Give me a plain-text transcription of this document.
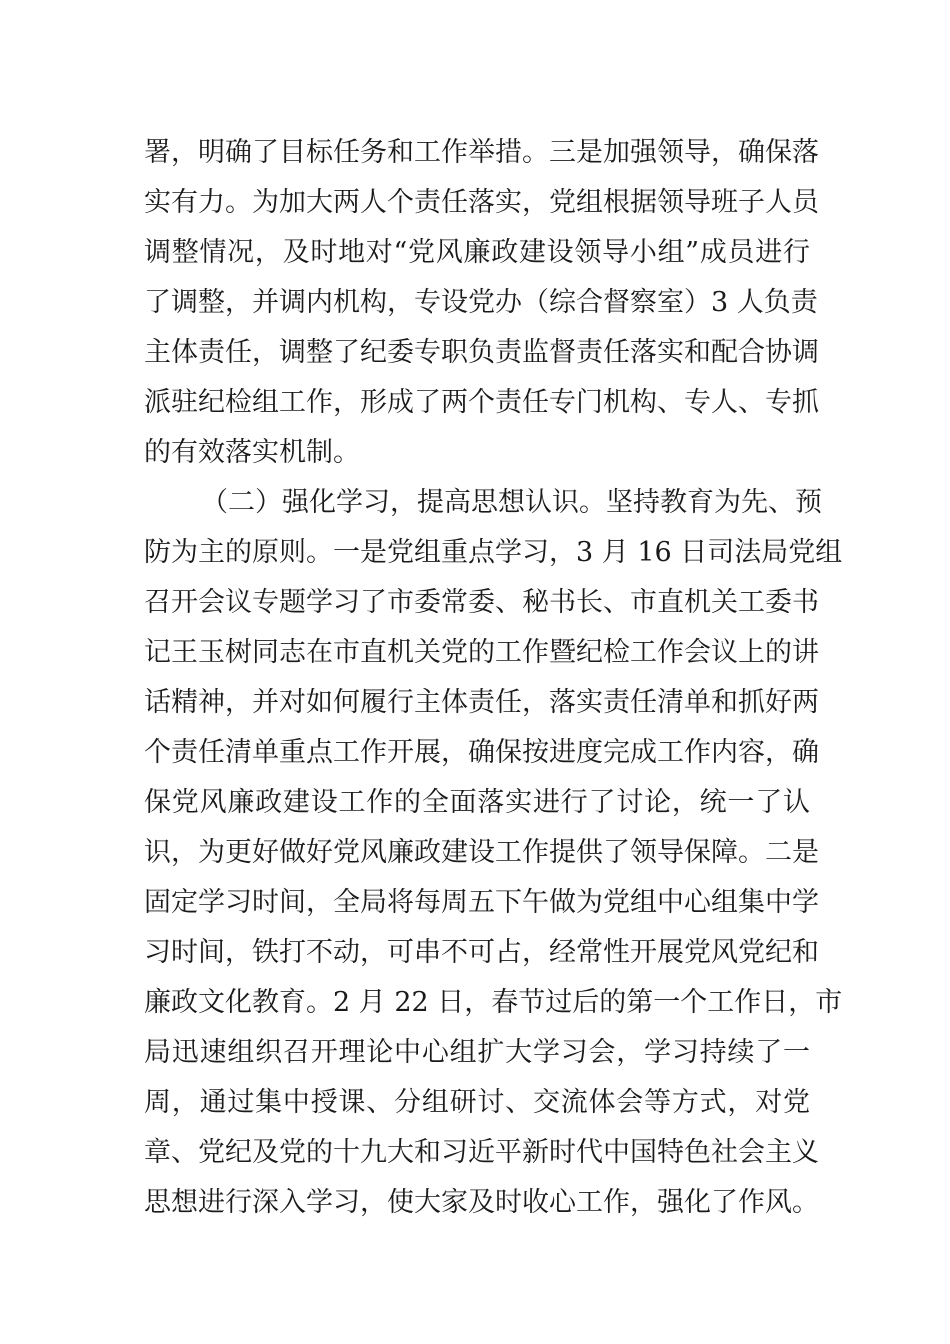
署，明确了目标任务和工作举措。三是加强领导，确保落
实有力。为加大两人个责任落实，党组根据领导班子人员
调整情况，及时地对“党风廉政建设领导小组”成员进行
了调整，并调内机构，专设党办（综合督察室）3 人负责
主体责任，调整了纪委专职负责监督责任落实和配合协调
派驻纪检组工作，形成了两个责任专门机构、专人、专抓
的有效落实机制。
（二）强化学习，提高思想认识。坚持教育为先、预
防为主的原则。一是党组重点学习，3 月 16 日司法局党组
召开会议专题学习了市委常委、秘书长、市直机关工委书
记王玉树同志在市直机关党的工作暨纪检工作会议上的讲
话精神，并对如何履行主体责任，落实责任清单和抓好两
个责任清单重点工作开展，确保按进度完成工作内容，确
保党风廉政建设工作的全面落实进行了讨论，统一了认
识，为更好做好党风廉政建设工作提供了领导保障。二是
固定学习时间，全局将每周五下午做为党组中心组集中学
习时间，铁打不动，可串不可占，经常性开展党风党纪和
廉政文化教育。2 月 22 日，春节过后的第一个工作日，市
局迅速组织召开理论中心组扩大学习会，学习持续了一
周，通过集中授课、分组研讨、交流体会等方式，对党
章、党纪及党的十九大和习近平新时代中国特色社会主义
思想进行深入学习，使大家及时收心工作，强化了作风。
